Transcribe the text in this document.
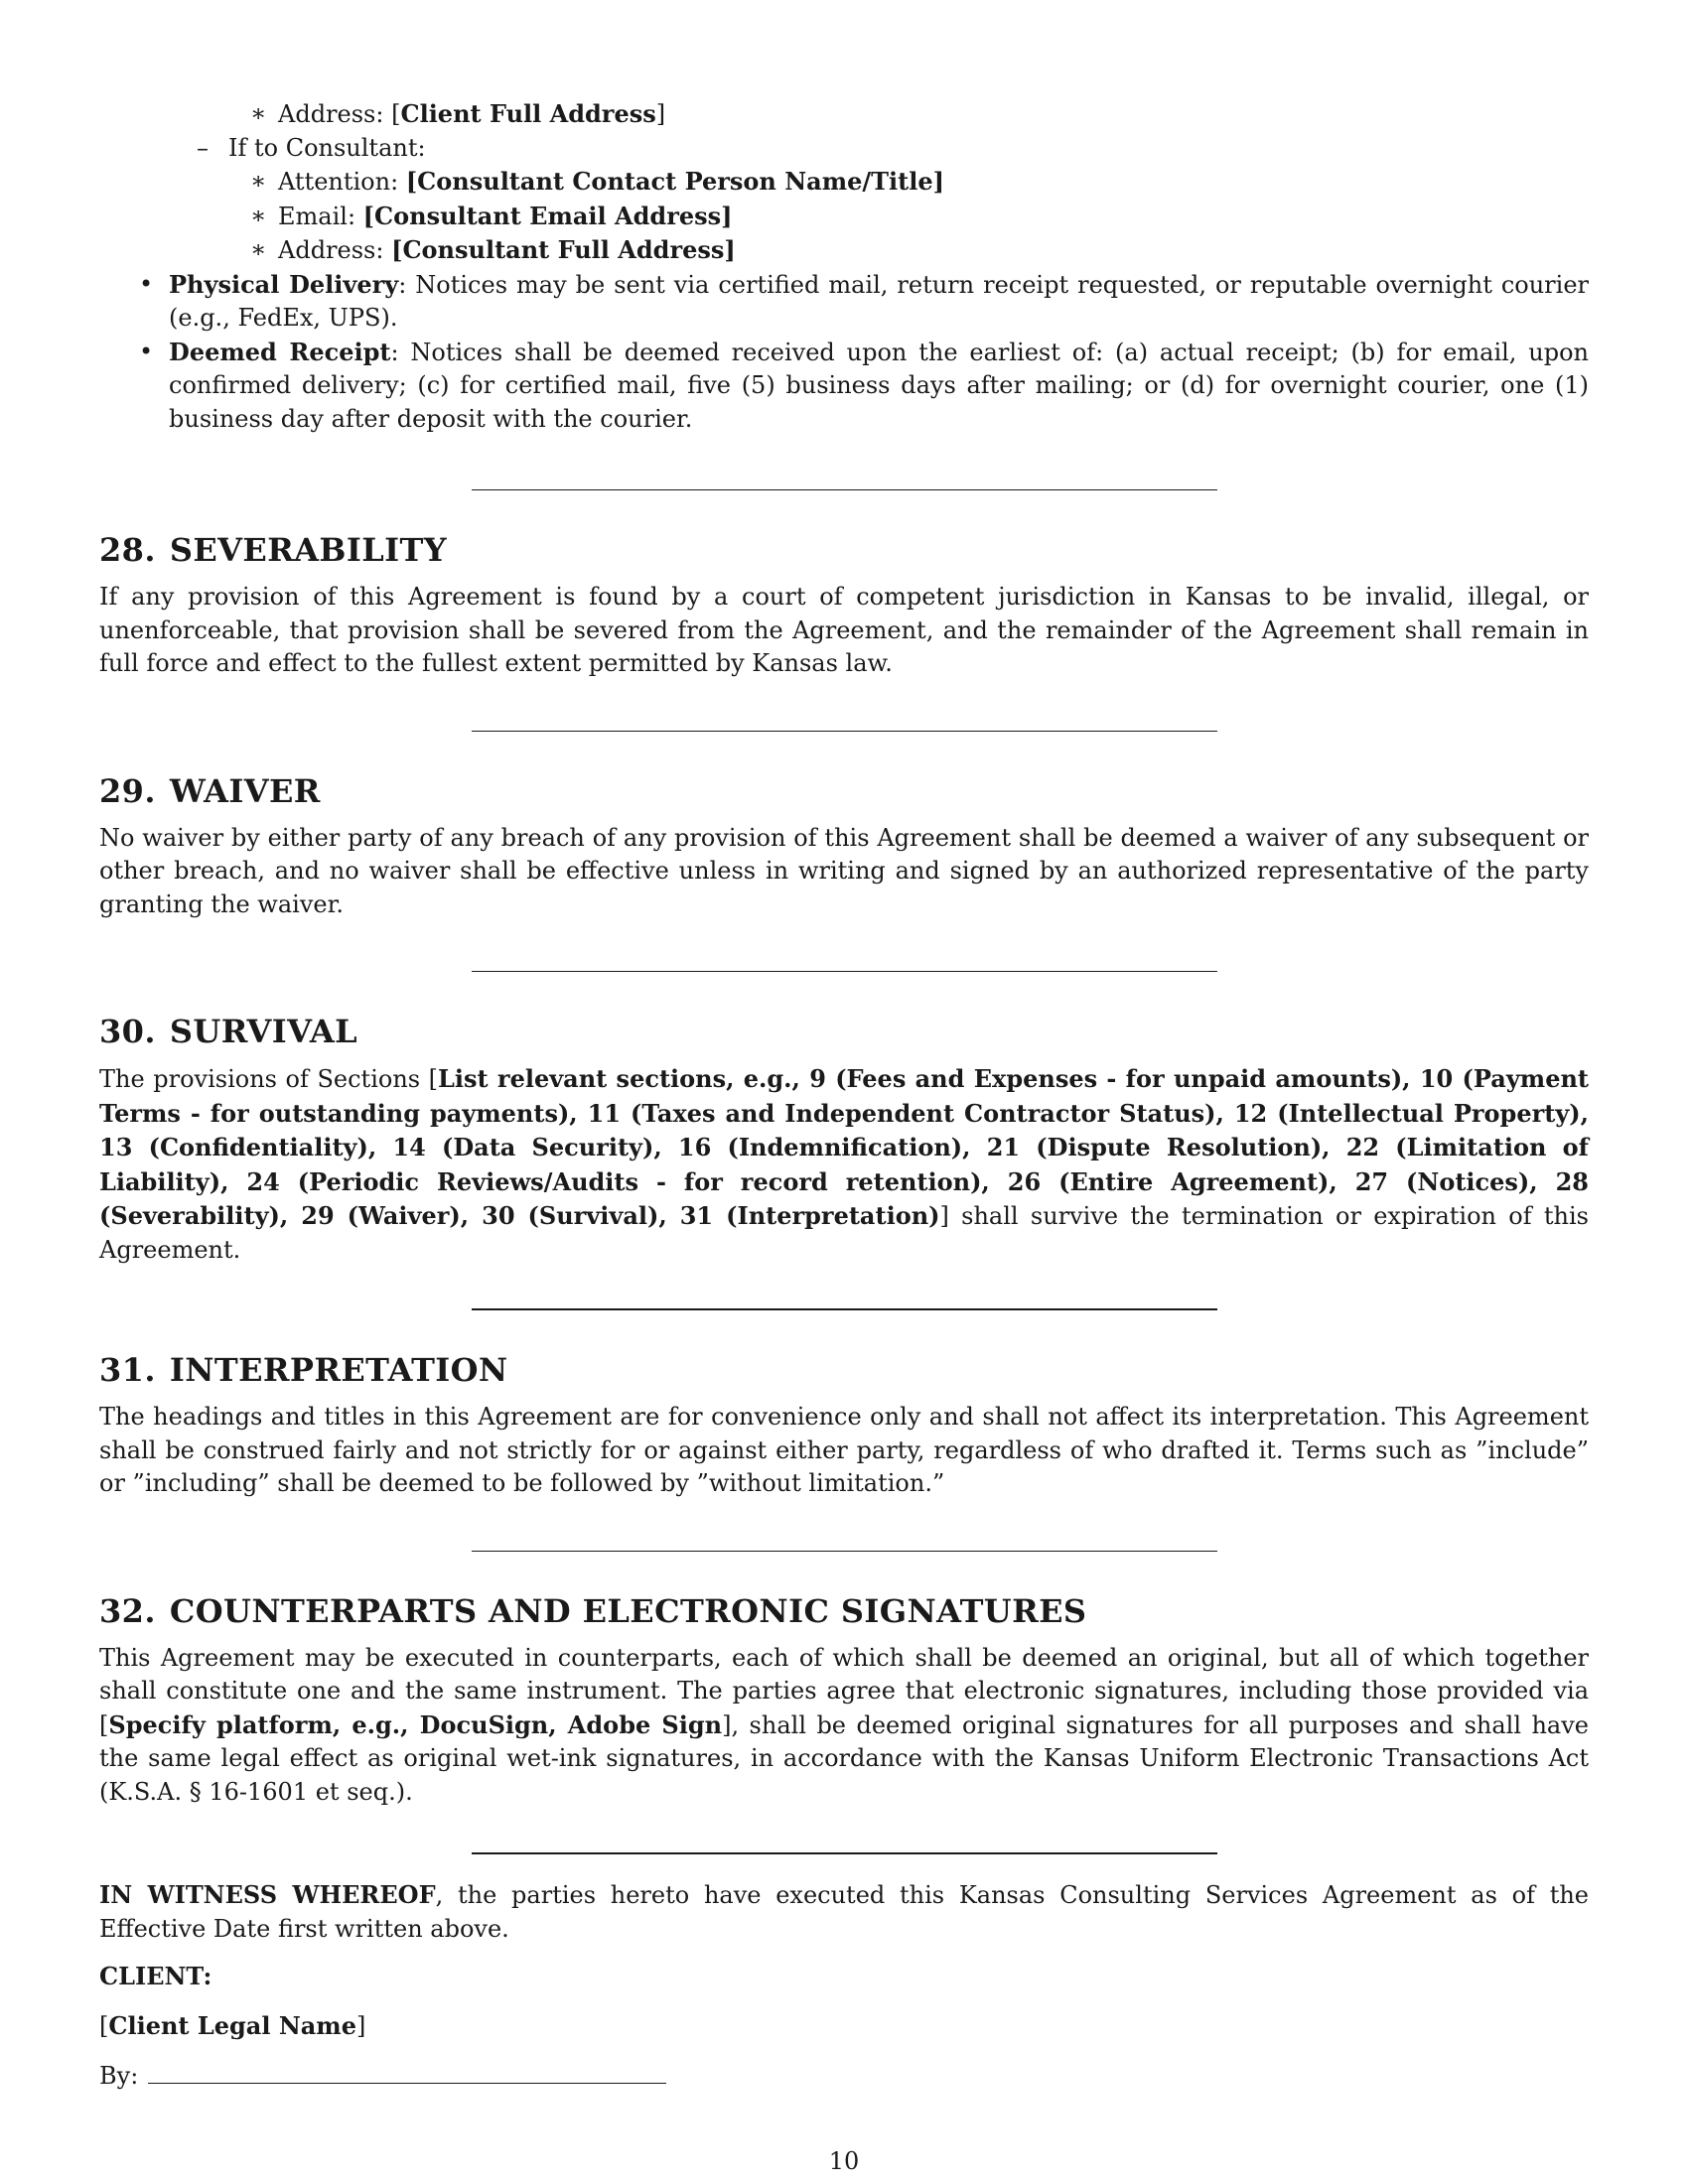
∗ Address: [Client Full Address]
– If to Consultant:
∗ Attention: [Consultant Contact Person Name/Title]
∗ Email: [Consultant Email Address]
∗ Address: [Consultant Full Address]
• Physical Delivery: Notices may be sent via certified mail, return receipt requested, or reputable overnight courier (e.g., FedEx, UPS).
• Deemed Receipt: Notices shall be deemed received upon the earliest of: (a) actual receipt; (b) for email, upon confirmed delivery; (c) for certified mail, five (5) business days after mailing; or (d) for overnight courier, one (1) business day after deposit with the courier.
28. SEVERABILITY

If any provision of this Agreement is found by a court of competent jurisdiction in Kansas to be invalid, illegal, or unenforceable, that provision shall be severed from the Agreement, and the remainder of the Agreement shall remain in full force and effect to the fullest extent permitted by Kansas law.

29. WAIVER

No waiver by either party of any breach of any provision of this Agreement shall be deemed a waiver of any subsequent or other breach, and no waiver shall be effective unless in writing and signed by an authorized representative of the party granting the waiver.

30. SURVIVAL

The provisions of Sections [List relevant sections, e.g., 9 (Fees and Expenses - for unpaid amounts), 10 (Payment Terms - for outstanding payments), 11 (Taxes and Independent Contractor Status), 12 (Intellectual Property), 13 (Confidentiality), 14 (Data Security), 16 (Indemnification), 21 (Dispute Resolution), 22 (Limitation of Liability), 24 (Periodic Reviews/Audits - for record retention), 26 (Entire Agreement), 27 (Notices), 28 (Severability), 29 (Waiver), 30 (Survival), 31 (Interpretation)] shall survive the termination or expiration of this Agreement.

31. INTERPRETATION

The headings and titles in this Agreement are for convenience only and shall not affect its interpretation. This Agreement shall be construed fairly and not strictly for or against either party, regardless of who drafted it. Terms such as ”include” or ”including” shall be deemed to be followed by ”without limitation.”

32. COUNTERPARTS AND ELECTRONIC SIGNATURES

This Agreement may be executed in counterparts, each of which shall be deemed an original, but all of which together shall constitute one and the same instrument. The parties agree that electronic signatures, including those provided via [Specify platform, e.g., DocuSign, Adobe Sign], shall be deemed original signatures for all purposes and shall have the same legal effect as original wet-ink signatures, in accordance with the Kansas Uniform Electronic Transactions Act (K.S.A. § 16-1601 et seq.).

IN WITNESS WHEREOF, the parties hereto have executed this Kansas Consulting Services Agreement as of the Effective Date first written above.

CLIENT:
[Client Legal Name]
By:
10
